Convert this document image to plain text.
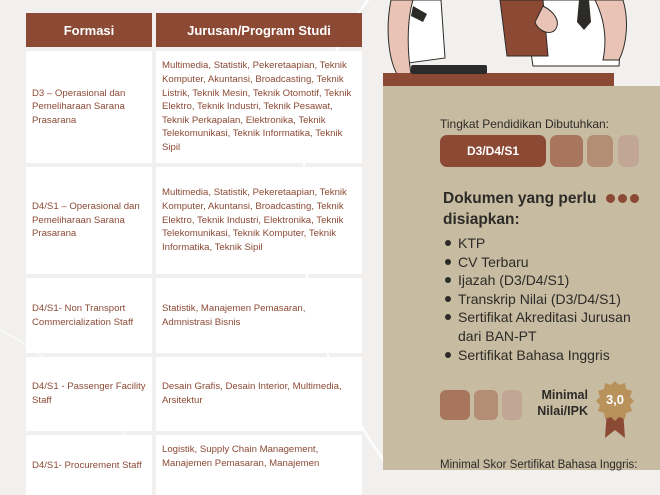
Formasi	Jurusan/Program Studi
D3 – Operasional dan Pemeliharaan Sarana Prasarana
Multimedia, Statistik, Pekeretaapian, Teknik Komputer, Akuntansi, Broadcasting, Teknik Listrik, Teknik Mesin, Teknik Otomotif, Teknik Elektro, Teknik Industri, Teknik Pesawat, Teknik Perkapalan, Elektronika, Teknik Telekomunikasi, Teknik Informatika, Teknik Sipil
D4/S1 – Operasional dan Pemeliharaan Sarana Prasarana
Multimedia, Statistik, Pekeretaapian, Teknik Komputer, Akuntansi, Broadcasting, Teknik Elektro, Teknik Industri, Elektronika, Teknik Telekomunikasi, Teknik Komputer, Teknik Informatika, Teknik Sipil
D4/S1- Non Transport Commercialization Staff
Statistik, Manajemen Pemasaran, Admnistrasi Bisnis
D4/S1 - Passenger Facility Staff
Desain Grafis, Desain Interior, Multimedia, Arsitektur
D4/S1- Procurement Staff
Logistik, Supply Chain Management, Manajemen Pemasaran, Manajemen
Tingkat Pendidikan Dibutuhkan:
D3/D4/S1
Dokumen yang perlu disiapkan:
KTP
CV Terbaru
Ijazah (D3/D4/S1)
Transkrip Nilai (D3/D4/S1)
Sertifikat Akreditasi Jurusan dari BAN-PT
Sertifikat Bahasa Inggris
Minimal Nilai/IPK
3,0
Minimal Skor Sertifikat Bahasa Inggris:
